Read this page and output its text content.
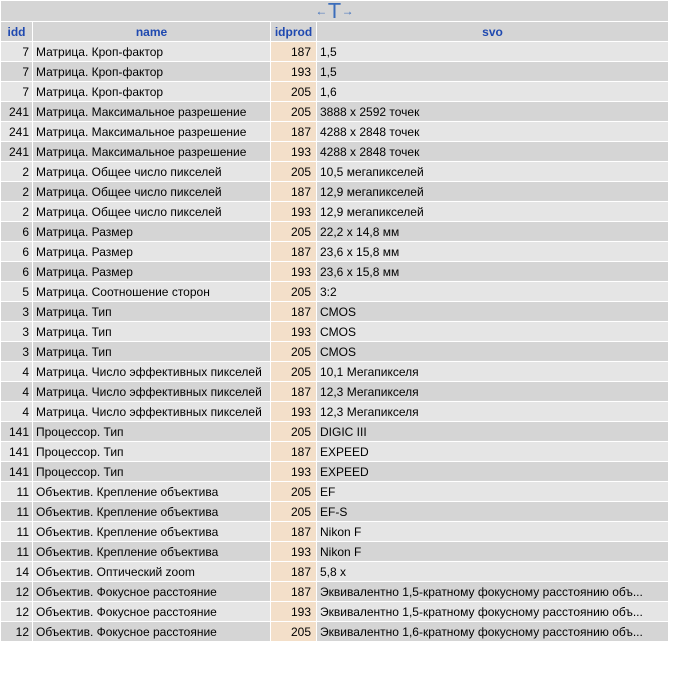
← T →			

idd	name	idprod	svo
7	Матрица. Кроп-фактор	187	1,5
7	Матрица. Кроп-фактор	193	1,5
7	Матрица. Кроп-фактор	205	1,6
241	Матрица. Максимальное разрешение	205	3888 x 2592 точек
241	Матрица. Максимальное разрешение	187	4288 x 2848 точек
241	Матрица. Максимальное разрешение	193	4288 x 2848 точек
2	Матрица. Общее число пикселей	205	10,5 мегапикселей
2	Матрица. Общее число пикселей	187	12,9 мегапикселей
2	Матрица. Общее число пикселей	193	12,9 мегапикселей
6	Матрица. Размер	205	22,2 x 14,8 мм
6	Матрица. Размер	187	23,6 x 15,8 мм
6	Матрица. Размер	193	23,6 x 15,8 мм
5	Матрица. Соотношение сторон	205	3:2
3	Матрица. Тип	187	CMOS
3	Матрица. Тип	193	CMOS
3	Матрица. Тип	205	CMOS
4	Матрица. Число эффективных пикселей	205	10,1 Мегапикселя
4	Матрица. Число эффективных пикселей	187	12,3 Мегапикселя
4	Матрица. Число эффективных пикселей	193	12,3 Мегапикселя
141	Процессор. Тип	205	DIGIC III
141	Процессор. Тип	187	EXPEED
141	Процессор. Тип	193	EXPEED
11	Объектив. Крепление объектива	205	EF
11	Объектив. Крепление объектива	205	EF-S
11	Объектив. Крепление объектива	187	Nikon F
11	Объектив. Крепление объектива	193	Nikon F
14	Объектив. Оптический zoom	187	5,8 x
12	Объектив. Фокусное расстояние	187	Эквивалентно 1,5-кратному фокусному расстоянию объ...
12	Объектив. Фокусное расстояние	193	Эквивалентно 1,5-кратному фокусному расстоянию объ...
12	Объектив. Фокусное расстояние	205	Эквивалентно 1,6-кратному фокусному расстоянию объ...
